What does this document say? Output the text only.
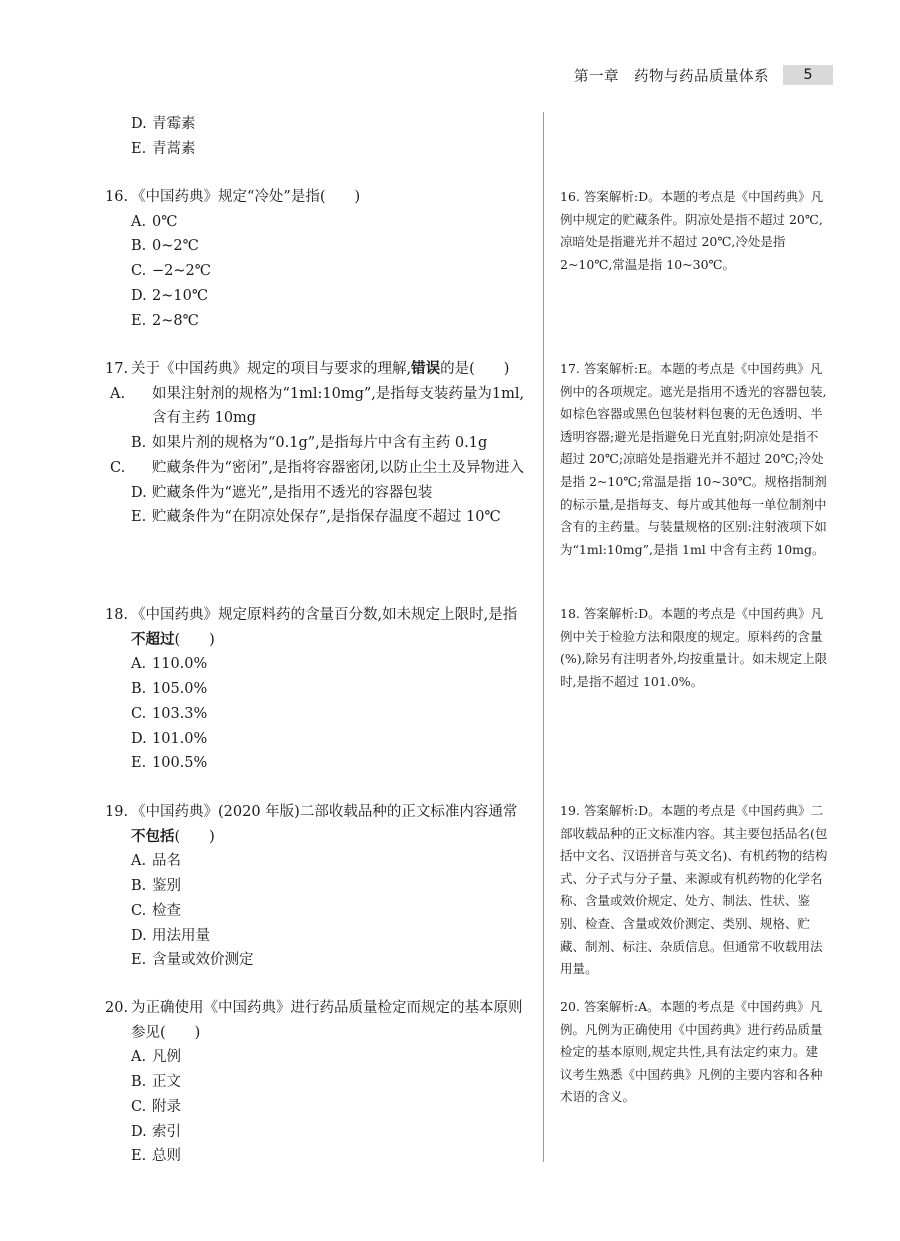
第一章　药物与药品质量体系	5
D. 青霉素
E. 青蒿素
16. 《中国药典》规定“冷处”是指(　　)
A. 0℃
B. 0~2℃
C. −2~2℃
D. 2~10℃
E. 2~8℃
16. 答案解析:D。本题的考点是《中国药典》凡例中规定的贮藏条件。阴凉处是指不超过 20℃,凉暗处是指避光并不超过 20℃,冷处是指 2~10℃,常温是指 10~30℃。
17. 关于《中国药典》规定的项目与要求的理解,错误的是(　　)
A. 如果注射剂的规格为“1ml:10mg”,是指每支装药量为1ml,含有主药 10mg
B. 如果片剂的规格为“0.1g”,是指每片中含有主药 0.1g
C. 贮藏条件为“密闭”,是指将容器密闭,以防止尘土及异物进入
D. 贮藏条件为“遮光”,是指用不透光的容器包装
E. 贮藏条件为“在阴凉处保存”,是指保存温度不超过 10℃
17. 答案解析:E。本题的考点是《中国药典》凡例中的各项规定。遮光是指用不透光的容器包装,如棕色容器或黑色包装材料包裹的无色透明、半透明容器;避光是指避免日光直射;阴凉处是指不超过 20℃;凉暗处是指避光并不超过 20℃;冷处是指 2~10℃;常温是指 10~30℃。规格指制剂的标示量,是指每支、每片或其他每一单位制剂中含有的主药量。与装量规格的区别:注射液项下如为“1ml:10mg”,是指 1ml 中含有主药 10mg。
18. 《中国药典》规定原料药的含量百分数,如未规定上限时,是指不超过(　　)
A. 110.0%
B. 105.0%
C. 103.3%
D. 101.0%
E. 100.5%
18. 答案解析:D。本题的考点是《中国药典》凡例中关于检验方法和限度的规定。原料药的含量(%),除另有注明者外,均按重量计。如未规定上限时,是指不超过 101.0%。
19. 《中国药典》(2020 年版)二部收载品种的正文标准内容通常不包括(　　)
A. 品名
B. 鉴别
C. 检查
D. 用法用量
E. 含量或效价测定
19. 答案解析:D。本题的考点是《中国药典》二部收载品种的正文标准内容。其主要包括品名(包括中文名、汉语拼音与英文名)、有机药物的结构式、分子式与分子量、来源或有机药物的化学名称、含量或效价规定、处方、制法、性状、鉴别、检查、含量或效价测定、类别、规格、贮藏、制剂、标注、杂质信息。但通常不收载用法用量。
20. 为正确使用《中国药典》进行药品质量检定而规定的基本原则参见(　　)
A. 凡例
B. 正文
C. 附录
D. 索引
E. 总则
20. 答案解析:A。本题的考点是《中国药典》凡例。凡例为正确使用《中国药典》进行药品质量检定的基本原则,规定共性,具有法定约束力。建议考生熟悉《中国药典》凡例的主要内容和各种术语的含义。
